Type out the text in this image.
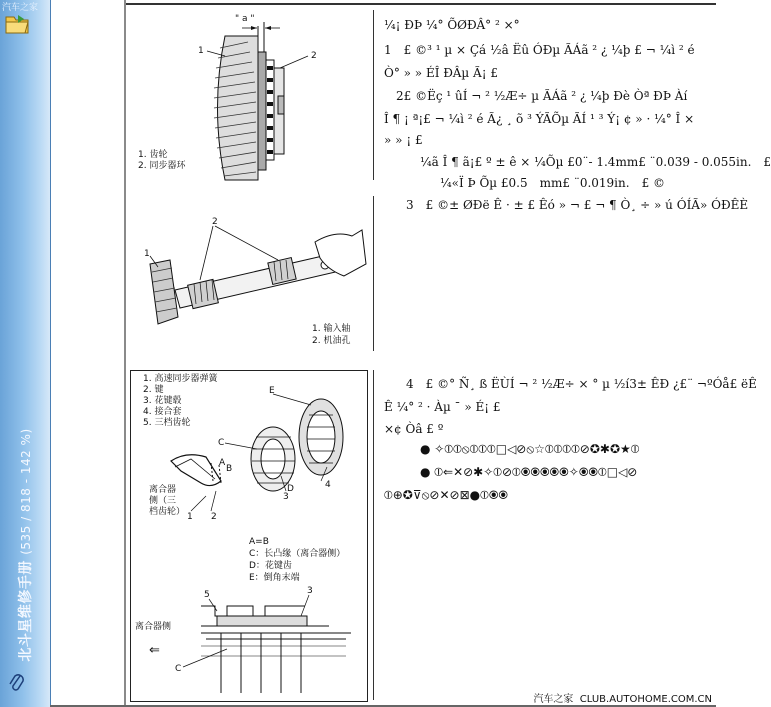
汽车之家
北斗星维修手册 (535 / 818 - 142 %)
" a "
1	2
1. 齿轮
2. 同步器环
2
1
1. 输入轴
2. 机油孔
1. 高速同步器弹簧
2. 键
3. 花键毂
4. 接合套
5. 三档齿轮
E
C
D
A
B
1 2
3
4
5	3
C
离合器
侧（三
档齿轮）
A=B
C：长凸缘（离合器侧）
D：花键齿
E：倒角末端
离合器侧
⇐
¼¡ ÐÞ ¼° ÕØÐÂ° ² ×°
1　£ ©³ ¹ µ × Çá ½â Ëû ÓÐµ ÃÁã ² ¿ ¼þ £ ¬ ¼ì ² é
Ò° » » ÉÎ ÐÂµ Ã¡ £
2£ ©Ëç ¹ ûÍ ¬ ² ½Æ÷ µ ÃÁã ² ¿ ¼þ Ðè Òª ÐÞ Àí
Î ¶ ¡ ª¡£ ¬ ¼ì ² é Ã¿ ¸ õ ³ ÝÃÕµ ÃÍ ¹ ³ Ý¡ ¢ » · ¼° Î ×
» » ¡ £
¼ã Î ¶ ã¡£ º ± ê × ¼Õµ £0¨- 1.4mm£ ¨0.039 - 0.055in.　£
¼«Ï Þ Õµ £0.5　mm£ ¨0.019in.　£ ©
3　£ ©± ØÐë Ê · ± £ Êó » ¬ £ ¬ ¶ Ò¸ ÷ » ú ÓÍÃ» ÓÐÊÈ
4　£ ©° Ñ¸ ß ËÙÍ ¬ ² ½Æ÷ × ° µ ½í3± ÊÐ ¿£¨ ¬ºÓå£ ëÊ
Ê ¼° ² · Àµ ¯ » É¡ £
×¢ Òâ £ º
● ✧⦶⦶⦸⦶⦶⦶□◁⊘⦸☆⦶⦶⦶⦶⊘✪✱✪★⦶
● ⦶⇐✕⊘✱✧⦶⊘⦶⦿⦿⦿⦿⦿✧⦿⦿⦶□◁⊘
⦶⊕✪⊽⦸⊘✕⊘⊠●⦶⦿⦿
汽车之家 CLUB.AUTOHOME.COM.CN
